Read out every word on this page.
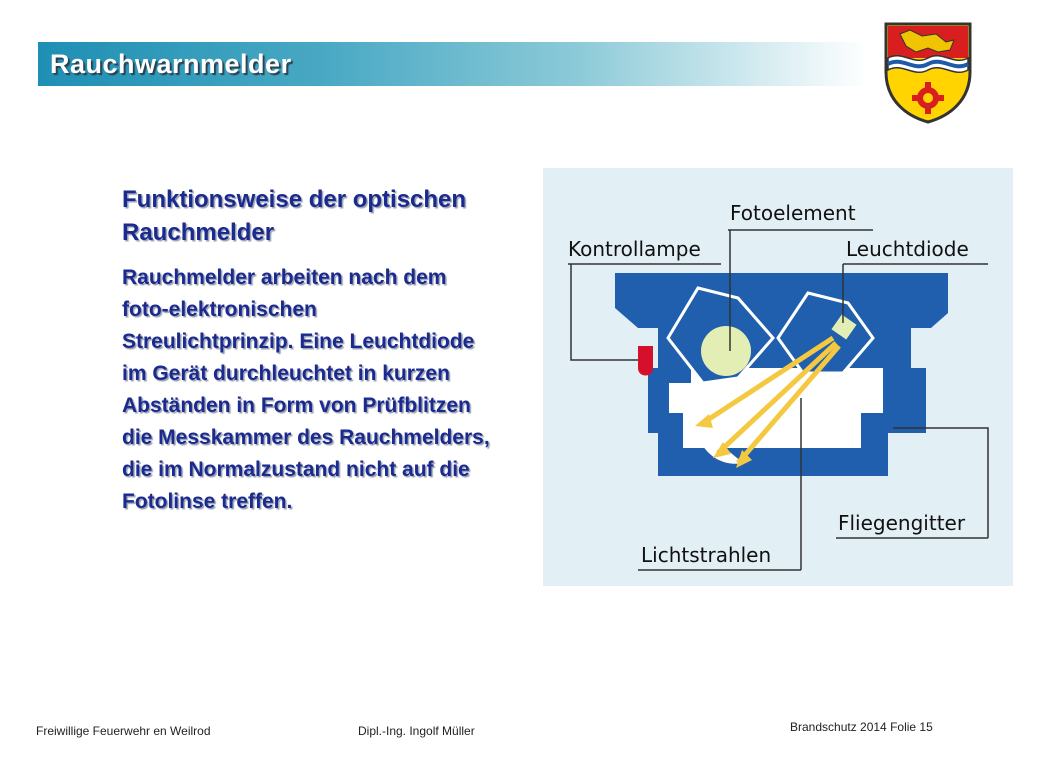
Rauchwarnmelder
Funktionsweise der optischen Rauchmelder
Rauchmelder arbeiten nach dem foto-elektronischen Streulichtprinzip. Eine Leuchtdiode im Gerät durchleuchtet in kurzen Abständen in Form von Prüfblitzen die Messkammer des Rauchmelders, die im Normalzustand nicht auf die Fotolinse treffen.
Fotoelement
Kontrollampe	Leuchtdiode
Fliegengitter
Lichtstrahlen
Freiwillige Feuerwehr en Weilrod	Dipl.-Ing. Ingolf Müller	Brandschutz 2014 Folie 15
